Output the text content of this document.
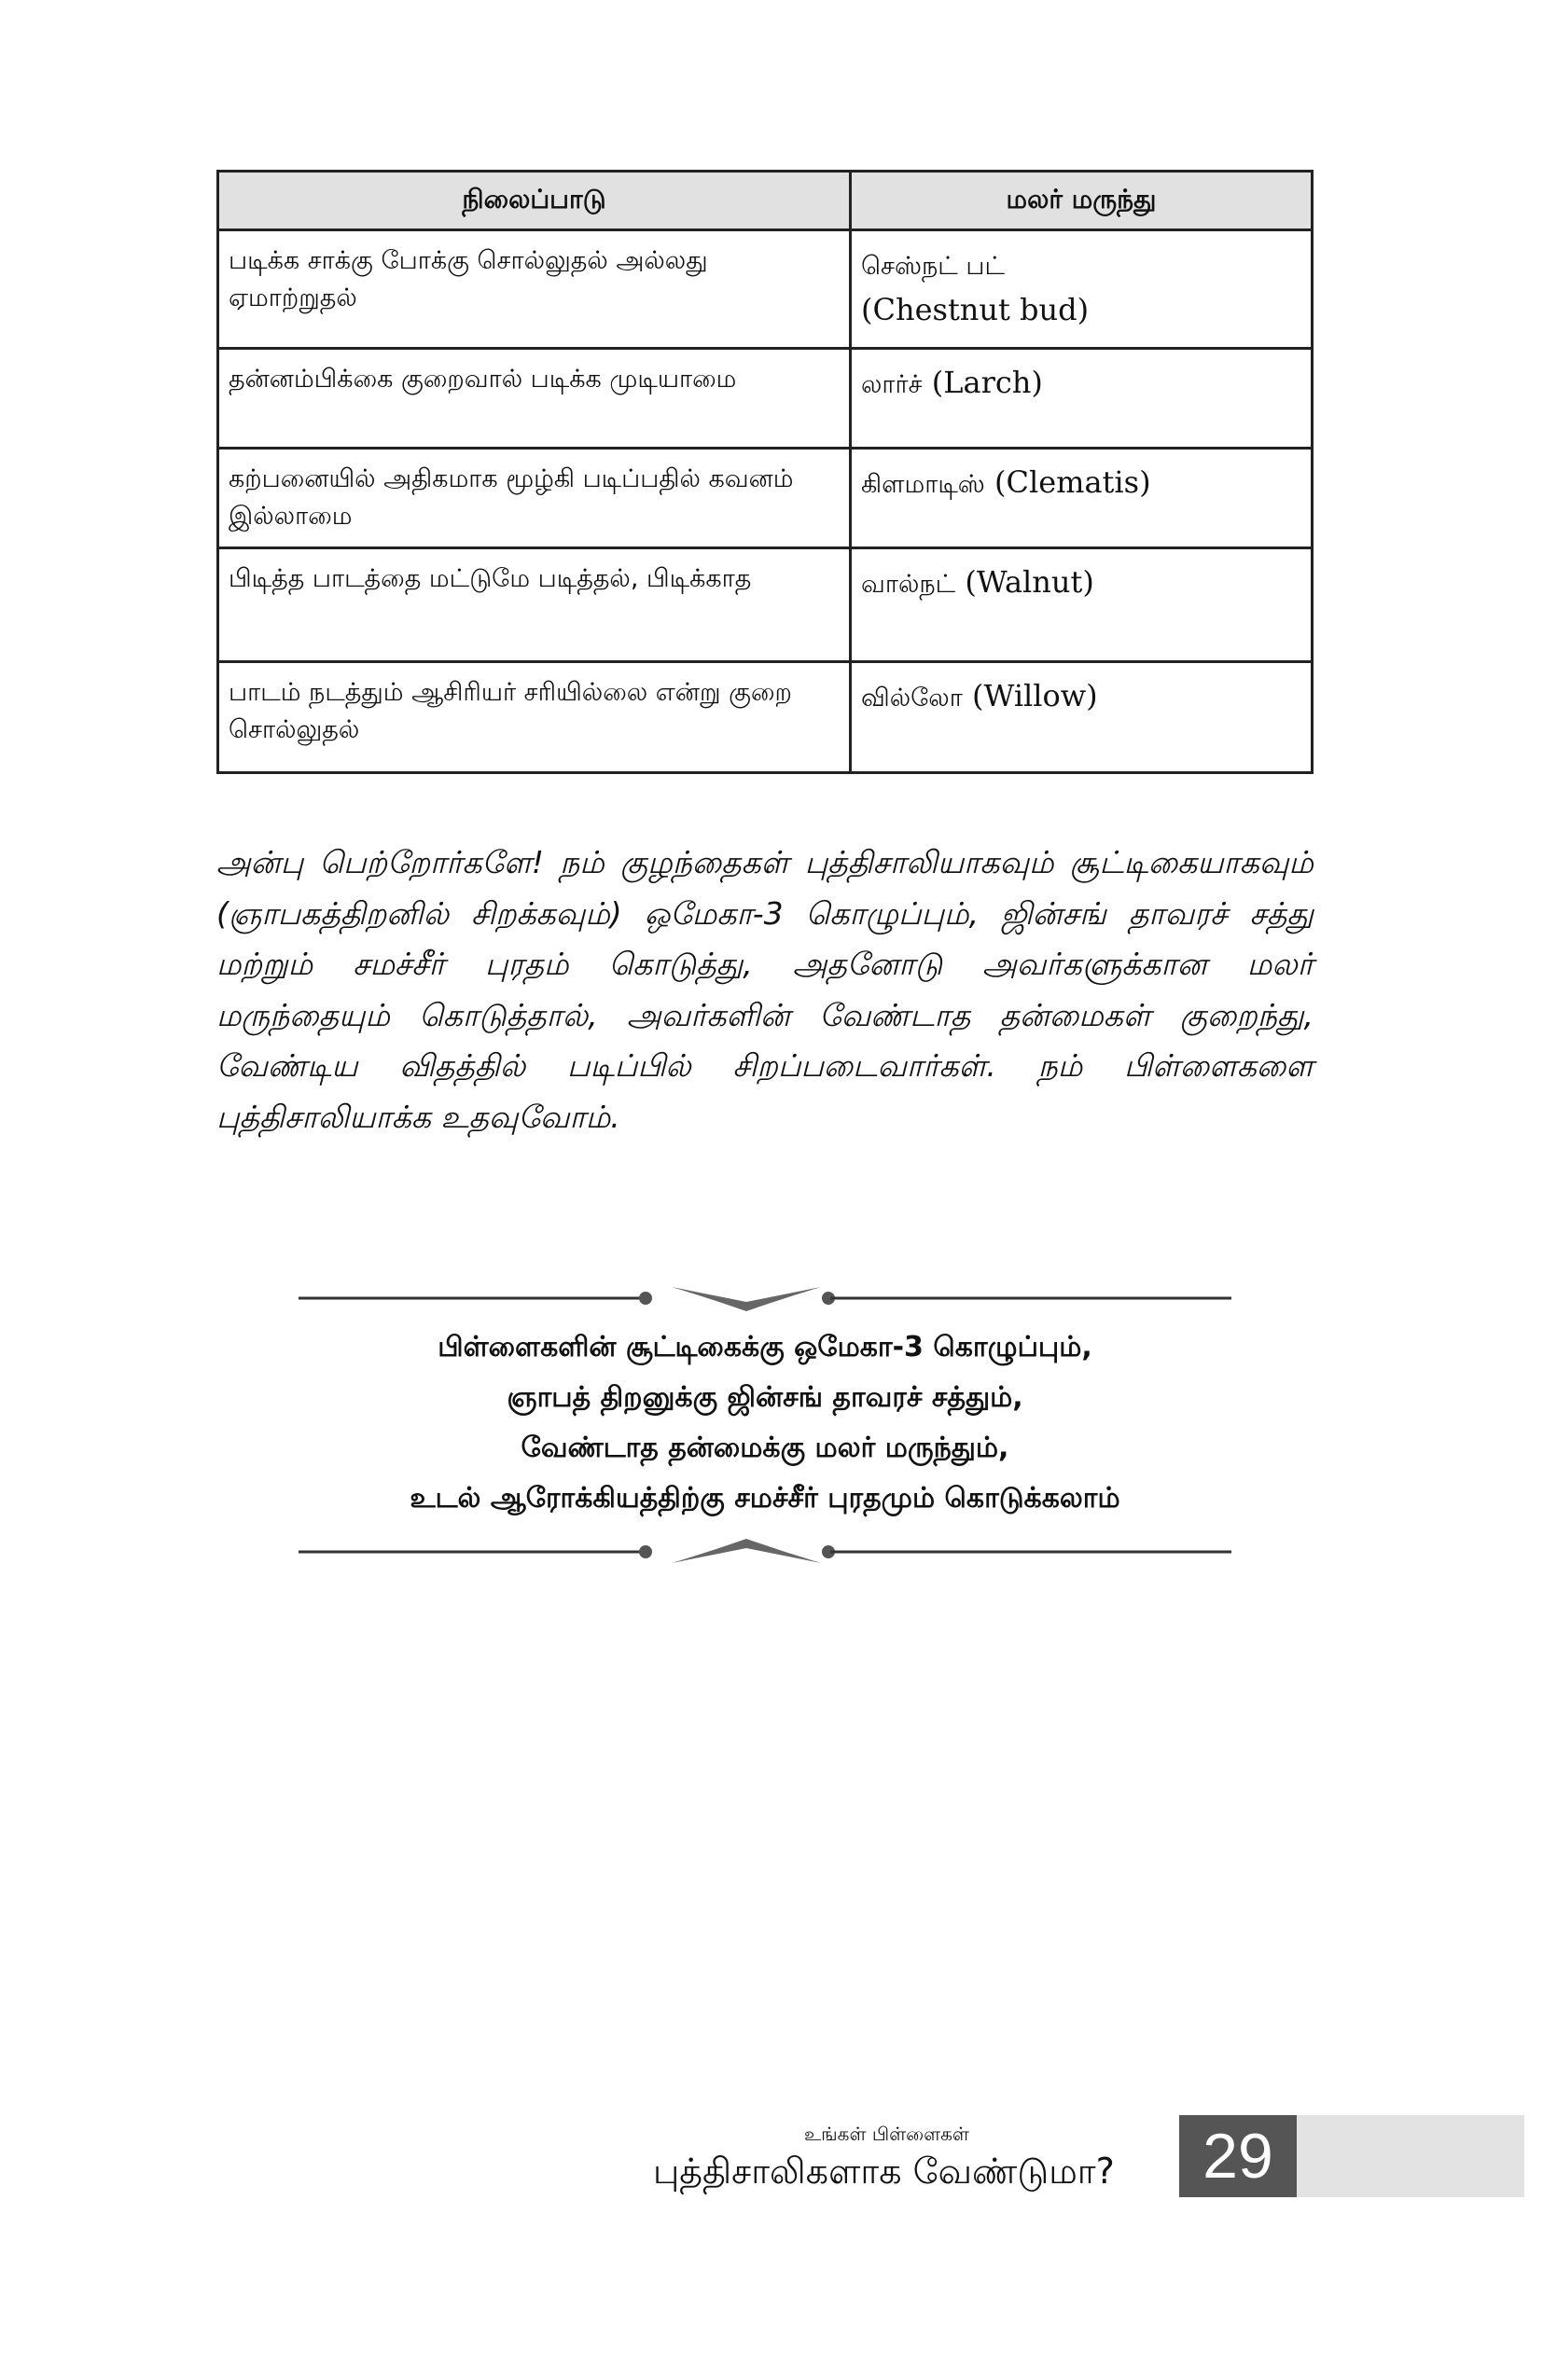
நிலைப்பாடு	மலர் மருந்து
படிக்க சாக்கு போக்கு சொல்லுதல் அல்லது ஏமாற்றுதல்	செஸ்நட் பட்
(Chestnut bud)
தன்னம்பிக்கை குறைவால் படிக்க முடியாமை	லார்ச் (Larch)
கற்பனையில் அதிகமாக மூழ்கி படிப்பதில் கவனம் இல்லாமை	கிளமாடிஸ் (Clematis)
பிடித்த பாடத்தை மட்டுமே படித்தல், பிடிக்காத	வால்நட் (Walnut)
பாடம் நடத்தும் ஆசிரியர் சரியில்லை என்று குறை சொல்லுதல்	வில்லோ (Willow)
அன்பு பெற்றோர்களே! நம் குழந்தைகள் புத்திசாலியாகவும் சூட்டிகையாகவும் (ஞாபகத்திறனில் சிறக்கவும்) ஒமேகா-3 கொழுப்பும், ஜின்சங் தாவரச் சத்து மற்றும் சமச்சீர் புரதம் கொடுத்து, அதனோடு அவர்களுக்கான மலர் மருந்தையும் கொடுத்தால், அவர்களின் வேண்டாத தன்மைகள் குறைந்து, வேண்டிய விதத்தில் படிப்பில் சிறப்படைவார்கள். நம் பிள்ளைகளை புத்திசாலியாக்க உதவுவோம்.
பிள்ளைகளின் சூட்டிகைக்கு ஒமேகா-3 கொழுப்பும்,
ஞாபத் திறனுக்கு ஜின்சங் தாவரச் சத்தும்,
வேண்டாத தன்மைக்கு மலர் மருந்தும்,
உடல் ஆரோக்கியத்திற்கு சமச்சீர் புரதமும் கொடுக்கலாம்
உங்கள் பிள்ளைகள்
புத்திசாலிகளாக வேண்டுமா?	29
